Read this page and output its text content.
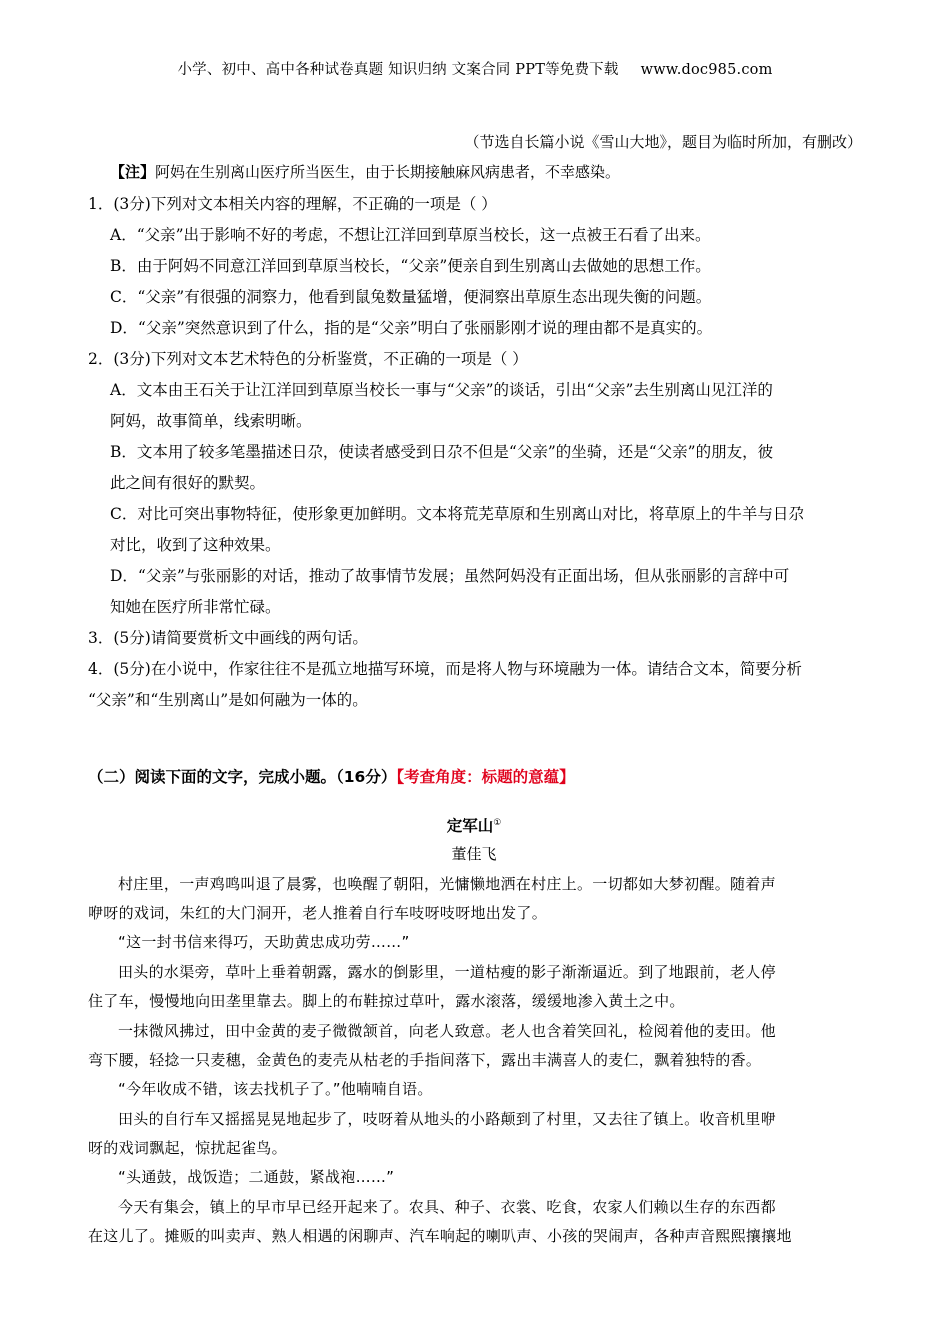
小学、初中、高中各种试卷真题 知识归纳 文案合同 PPT等免费下载 www.doc985.com
（节选自长篇小说《雪山大地》，题目为临时所加，有删改）
【注】阿妈在生别离山医疗所当医生，由于长期接触麻风病患者，不幸感染。
1．(3分)下列对文本相关内容的理解，不正确的一项是（ ）
A．“父亲”出于影响不好的考虑，不想让江洋回到草原当校长，这一点被王石看了出来。
B．由于阿妈不同意江洋回到草原当校长，“父亲”便亲自到生别离山去做她的思想工作。
C．“父亲”有很强的洞察力，他看到鼠兔数量猛增，便洞察出草原生态出现失衡的问题。
D．“父亲”突然意识到了什么，指的是“父亲”明白了张丽影刚才说的理由都不是真实的。
2．(3分)下列对文本艺术特色的分析鉴赏，不正确的一项是（ ）
A．文本由王石关于让江洋回到草原当校长一事与“父亲”的谈话，引出“父亲”去生别离山见江洋的
阿妈，故事简单，线索明晰。
B．文本用了较多笔墨描述日尕，使读者感受到日尕不但是“父亲”的坐骑，还是“父亲”的朋友，彼
此之间有很好的默契。
C．对比可突出事物特征，使形象更加鲜明。文本将荒芜草原和生别离山对比，将草原上的牛羊与日尕
对比，收到了这种效果。
D．“父亲”与张丽影的对话，推动了故事情节发展；虽然阿妈没有正面出场，但从张丽影的言辞中可
知她在医疗所非常忙碌。
3．(5分)请简要赏析文中画线的两句话。
4．(5分)在小说中，作家往往不是孤立地描写环境，而是将人物与环境融为一体。请结合文本，简要分析
“父亲”和“生别离山”是如何融为一体的。
（二）阅读下面的文字，完成小题。（16分）【考查角度：标题的意蕴】
定军山①
董佳飞
村庄里，一声鸡鸣叫退了晨雾，也唤醒了朝阳，光慵懒地洒在村庄上。一切都如大梦初醒。随着声
咿呀的戏词，朱红的大门洞开，老人推着自行车吱呀吱呀地出发了。
“这一封书信来得巧，天助黄忠成功劳……”
田头的水渠旁，草叶上垂着朝露，露水的倒影里，一道枯瘦的影子渐渐逼近。到了地跟前，老人停
住了车，慢慢地向田垄里靠去。脚上的布鞋掠过草叶，露水滚落，缓缓地渗入黄土之中。
一抹微风拂过，田中金黄的麦子微微颔首，向老人致意。老人也含着笑回礼，检阅着他的麦田。他
弯下腰，轻捻一只麦穗，金黄色的麦壳从枯老的手指间落下，露出丰满喜人的麦仁，飘着独特的香。
“今年收成不错，该去找机子了。”他喃喃自语。
田头的自行车又摇摇晃晃地起步了，吱呀着从地头的小路颠到了村里，又去往了镇上。收音机里咿
呀的戏词飘起，惊扰起雀鸟。
“头通鼓，战饭造；二通鼓，紧战袍……”
今天有集会，镇上的早市早已经开起来了。农具、种子、衣裳、吃食，农家人们赖以生存的东西都
在这儿了。摊贩的叫卖声、熟人相遇的闲聊声、汽车响起的喇叭声、小孩的哭闹声，各种声音熙熙攘攘地
